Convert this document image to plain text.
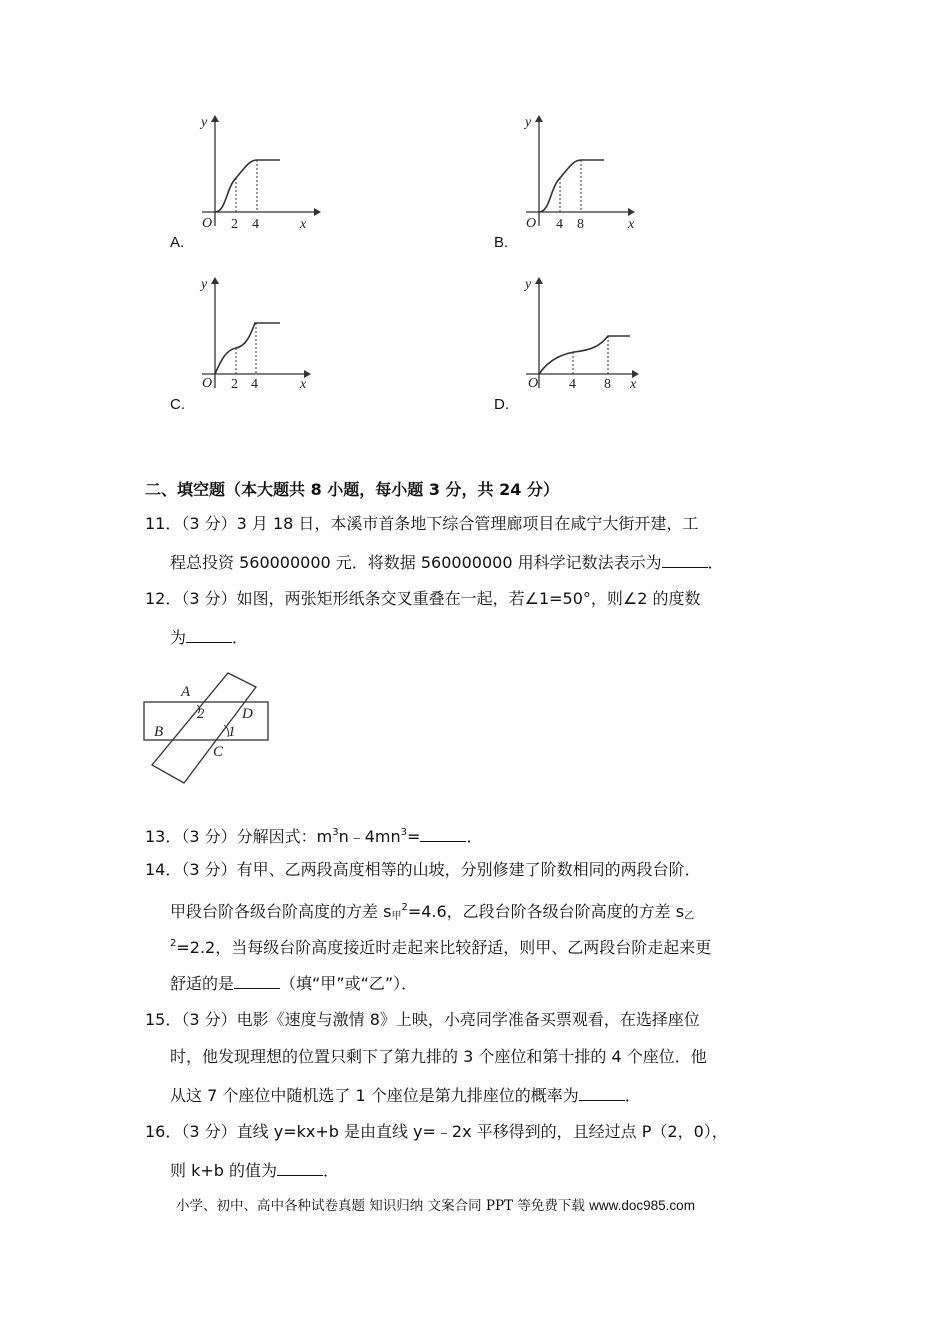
y
O	x
2 4
A.
y
O	x
4 8
B.
y
O	x
2 4
C.
y
O	x
4 8
D.
二、填空题（本大题共 8 小题，每小题 3 分，共 24 分）
11．（3 分）3 月 18 日，本溪市首条地下综合管理廊项目在咸宁大街开建，工
程总投资 560000000 元．将数据 560000000 用科学记数法表示为	．
12．（3 分）如图，两张矩形纸条交叉重叠在一起，若∠1=50°，则∠2 的度数
为	．
A
2	D
B	1
C
13．（3 分）分解因式：$m^3n﹣4mn^3=$	．
14．（3 分）有甲、乙两段高度相等的山坡，分别修建了阶数相同的两段台阶．
甲段台阶各级台阶高度的方差 $s_甲^2=4.6$，乙段台阶各级台阶高度的方差 $s_乙$
$^2$=2.2，当每级台阶高度接近时走起来比较舒适，则甲、乙两段台阶走起来更
舒适的是	（填“甲”或“乙”）．
15．（3 分）电影《速度与激情 8》上映，小亮同学准备买票观看，在选择座位
时，他发现理想的位置只剩下了第九排的 3 个座位和第十排的 4 个座位．他
从这 7 个座位中随机选了 1 个座位是第九排座位的概率为	．
16．（3 分）直线 y=kx+b 是由直线 y=﹣2x 平移得到的，且经过点 P（2，0），
则 k+b 的值为	．
小学、初中、高中各种试卷真题 知识归纳 文案合同 PPT 等免费下载 www.doc985.com
